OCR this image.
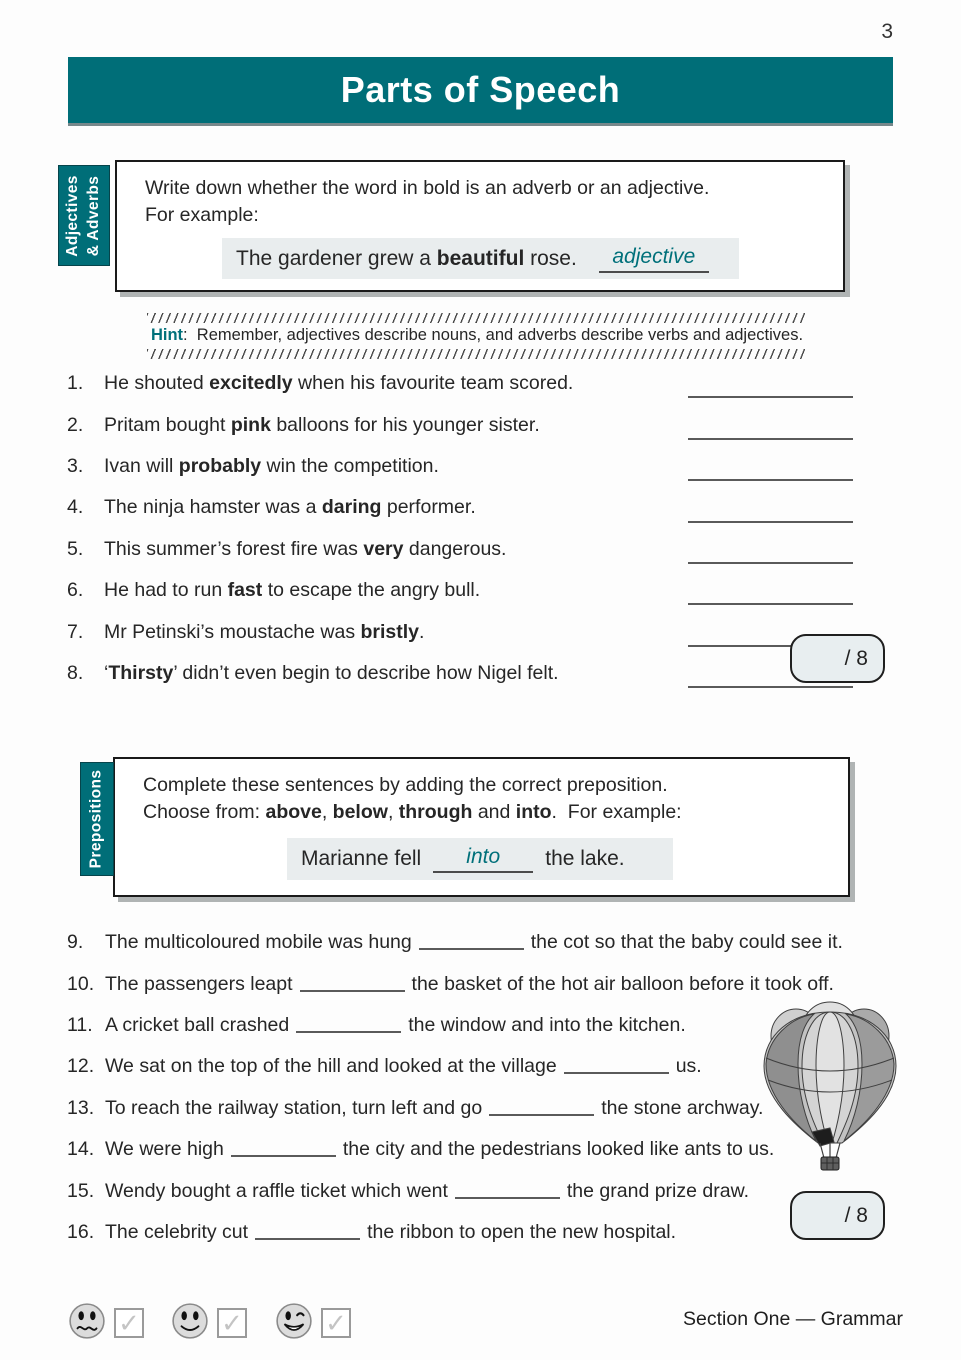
3
Parts of Speech
Adjectives & Adverbs Write down whether the word in bold is an adverb or an adjective.

For example:

The gardener grew a beautiful rose.	adjective
Hint :  Remember, adjectives describe nouns, and adverbs describe verbs and adjectives.
1.	He shouted excitedly when his favourite team scored.
2.	Pritam bought pink balloons for his younger sister.
3.	Ivan will probably win the competition.
4.	The ninja hamster was a daring performer.
5.	This summer’s forest fire was very dangerous.
6.	He had to run fast to escape the angry bull.
7.	Mr Petinski’s moustache was bristly.
8.	‘Thirsty’ didn’t even begin to describe how Nigel felt.
/ 8
Prepositions Complete these sentences by adding the correct preposition.

Choose from: above, below, through and into.  For example:

Marianne fell	into	the lake.
9.	The multicoloured mobile was hung	the cot so that the baby could see it.
10. The passengers leapt	the basket of the hot air balloon before it took off.
11. A cricket ball crashed	the window and into the kitchen.
12. We sat on the top of the hill and looked at the village	us.
13. To reach the railway station, turn left and go	the stone archway.
14. We were high	the city and the pedestrians looked like ants to us.
15. Wendy bought a raffle ticket which went	the grand prize draw.
16. The celebrity cut	the ribbon to open the new hospital.
/ 8
✓	✓	✓	Section One — Grammar
